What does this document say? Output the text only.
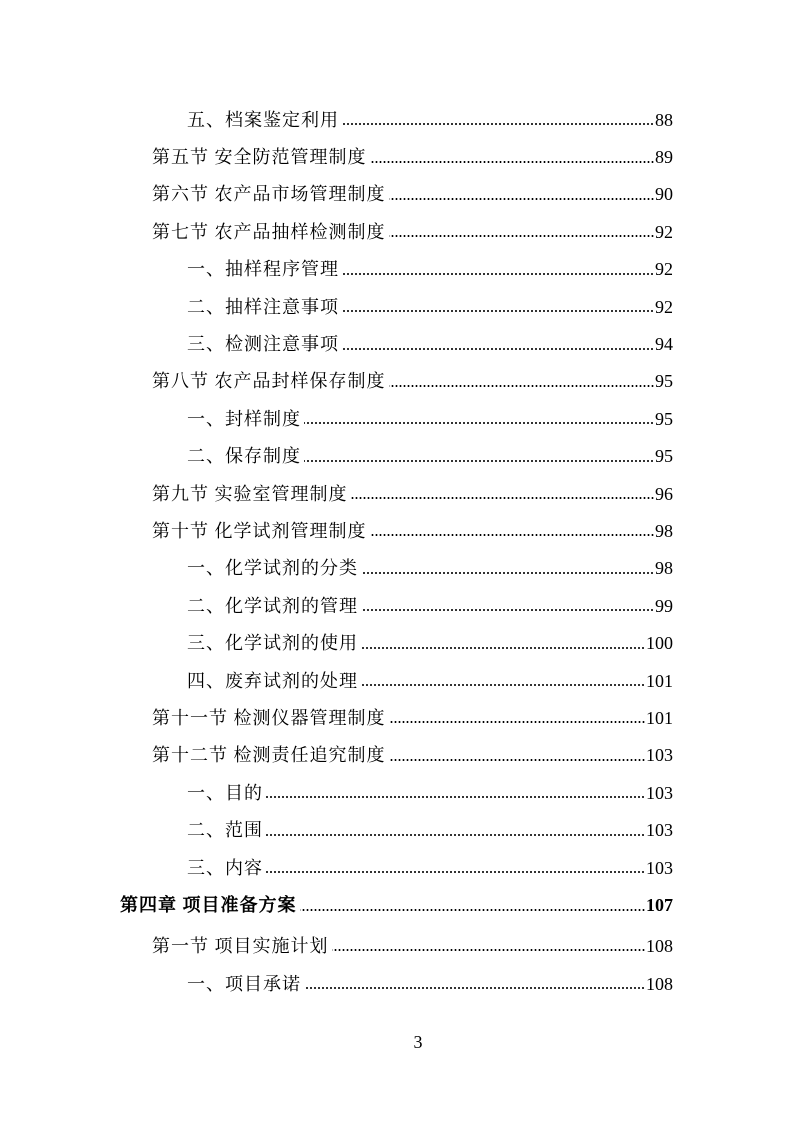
五、档案鉴定利用	88
第五节 安全防范管理制度	89
第六节 农产品市场管理制度	90
第七节 农产品抽样检测制度	92
一、抽样程序管理	92
二、抽样注意事项	92
三、检测注意事项	94
第八节 农产品封样保存制度	95
一、封样制度	95
二、保存制度	95
第九节 实验室管理制度	96
第十节 化学试剂管理制度	98
一、化学试剂的分类	98
二、化学试剂的管理	99
三、化学试剂的使用	100
四、废弃试剂的处理	101
第十一节 检测仪器管理制度	101
第十二节 检测责任追究制度	103
一、目的	103
二、范围	103
三、内容	103
第四章 项目准备方案	107
第一节 项目实施计划	108
一、项目承诺	108
3
